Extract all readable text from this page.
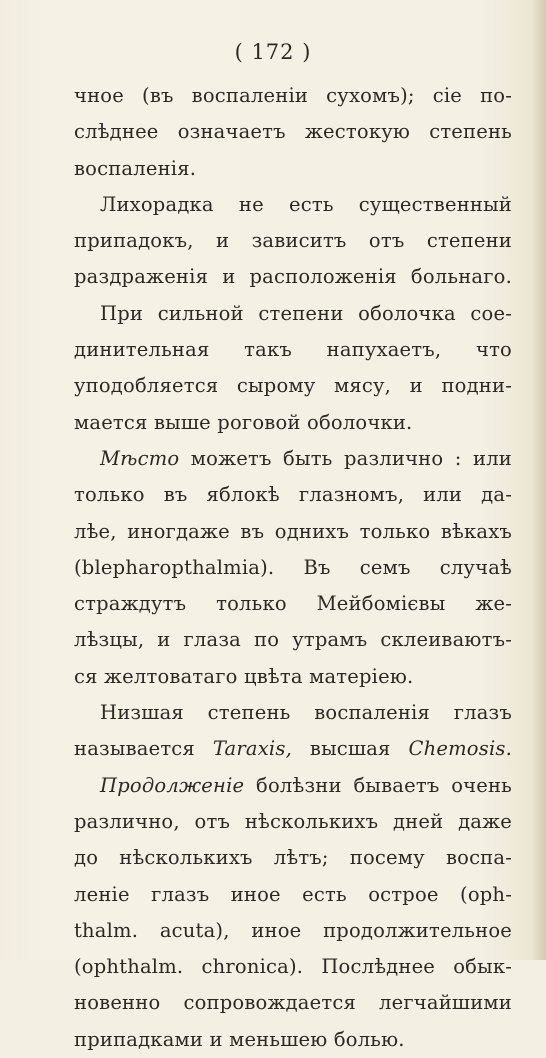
( 172 )
чное (въ воспаленіи сухомъ); сіе по-
слѣднее означаетъ жестокую степень
воспаленія.
Лихорадка не есть существенный
припадокъ, и зависитъ отъ степени
раздраженія и расположенія больнаго.
При сильной степени оболочка сое-
динительная такъ напухаетъ, что
уподобляется сырому мясу, и подни-
мается выше роговой оболочки.
Мѣсто можетъ быть различно : или
только въ яблокѣ глазномъ, или да-
лѣе, иногдаже въ однихъ только вѣкахъ
(blepharopthalmia). Въ семъ случаѣ
страждутъ только Мейбомієвы же-
лѣзцы, и глаза по утрамъ склеиваютъ-
ся желтоватаго цвѣта матеріею.
Низшая степень воспаленія глазъ
называется Taraxis, высшая Chemosis.
Продолженіе болѣзни бываетъ очень
различно, отъ нѣсколькихъ дней даже
до нѣсколькихъ лѣтъ; посему воспа-
леніе глазъ иное есть острое (oph-
thalm. acuta), иное продолжительное
(ophthalm. chronica). Послѣднее обык-
новенно сопровождается легчайшими
припадками и меньшею болью.
